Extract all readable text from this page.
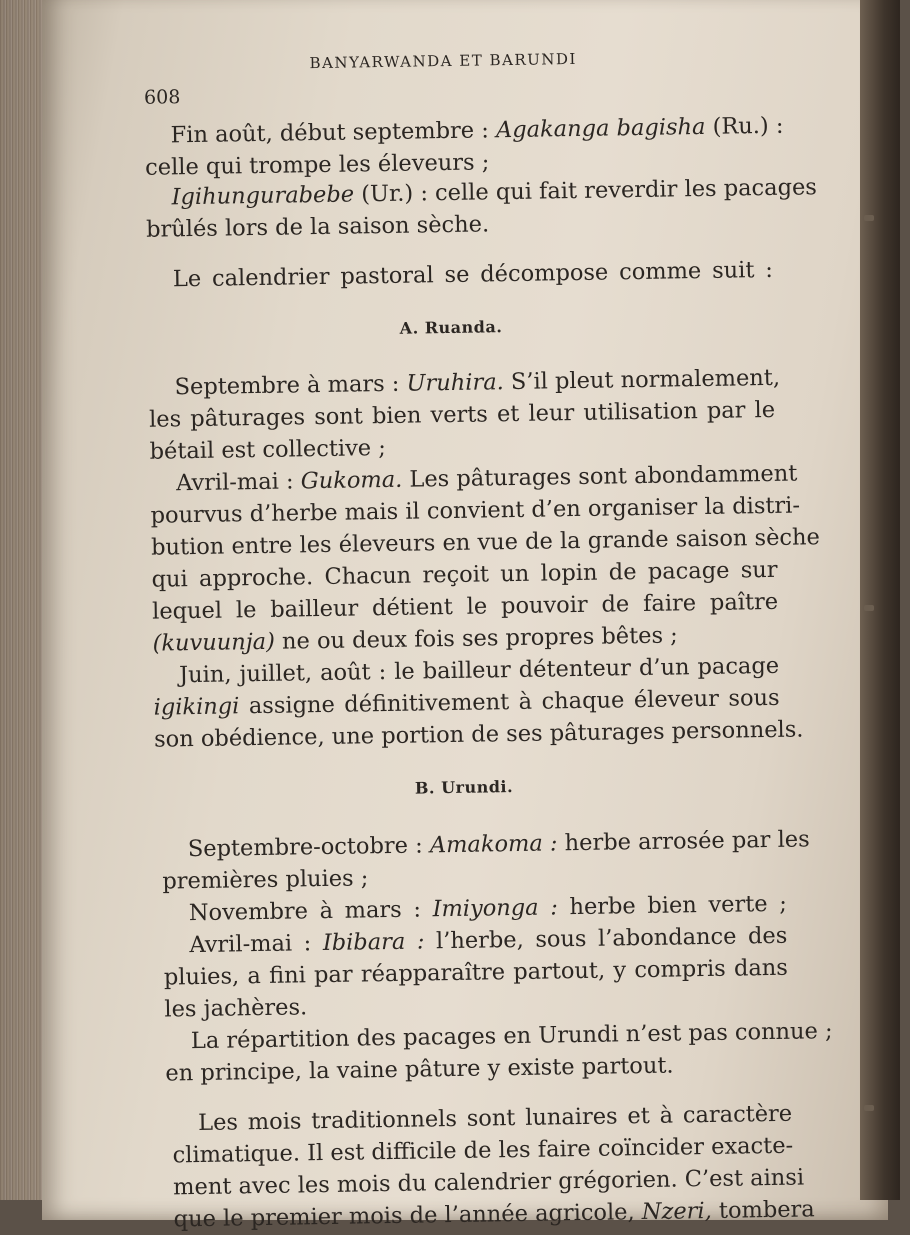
608
BANYARWANDA ET BARUNDI
Fin août, début septembre : Agakanga bagisha (Ru.) :
celle qui trompe les éleveurs ;
Igihungurabebe (Ur.) : celle qui fait reverdir les pacages
brûlés lors de la saison sèche.
Le calendrier pastoral se décompose comme suit :
A. Ruanda.
Septembre à mars : Uruhira. S’il pleut normalement,
les pâturages sont bien verts et leur utilisation par le
bétail est collective ;
Avril-mai : Gukoma. Les pâturages sont abondamment
pourvus d’herbe mais il convient d’en organiser la distri-
bution entre les éleveurs en vue de la grande saison sèche
qui approche. Chacun reçoit un lopin de pacage sur
lequel le bailleur détient le pouvoir de faire paître
(kuvuunja) ne ou deux fois ses propres bêtes ;
Juin, juillet, août : le bailleur détenteur d’un pacage
igikingi assigne définitivement à chaque éleveur sous
son obédience, une portion de ses pâturages personnels.
B. Urundi.
Septembre-octobre : Amakoma : herbe arrosée par les
premières pluies ;
Novembre à mars : Imiyonga : herbe bien verte ;
Avril-mai : Ibibara : l’herbe, sous l’abondance des
pluies, a fini par réapparaître partout, y compris dans
les jachères.
La répartition des pacages en Urundi n’est pas connue ;
en principe, la vaine pâture y existe partout.
Les mois traditionnels sont lunaires et à caractère
climatique. Il est difficile de les faire coïncider exacte-
ment avec les mois du calendrier grégorien. C’est ainsi
que le premier mois de l’année agricole, Nzeri, tombera
